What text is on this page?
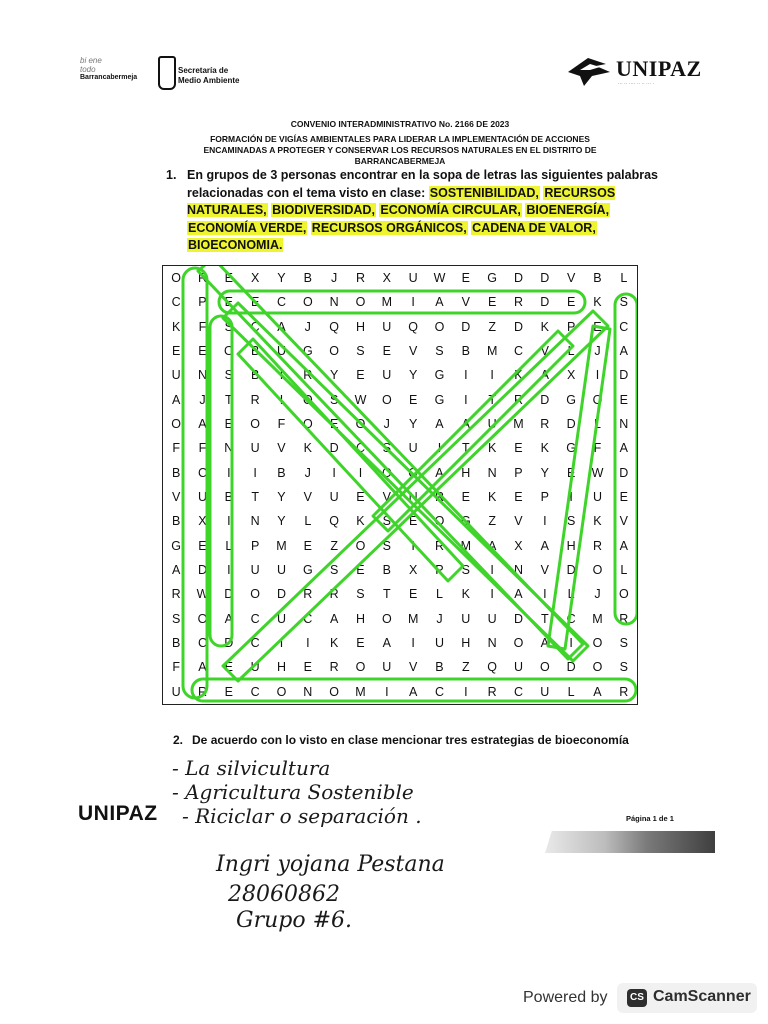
bi ene
todo
Barrancabermeja
Secretaría de
Medio Ambiente	UNIPAZ
··· ·· ···· ·· ·· ··· ·
CONVENIO INTERADMINISTRATIVO No. 2166 DE 2023
FORMACIÓN DE VIGÍAS AMBIENTALES PARA LIDERAR LA IMPLEMENTACIÓN DE ACCIONES
ENCAMINADAS A PROTEGER Y CONSERVAR LOS RECURSOS NATURALES EN EL DISTRITO DE
BARRANCABERMEJA
1. En grupos de 3 personas encontrar en la sopa de letras las siguientes palabras relacionadas con el tema visto en clase: SOSTENIBILIDAD, RECURSOS NATURALES, BIODIVERSIDAD, ECONOMÍA CIRCULAR, BIOENERGÍA, ECONOMÍA VERDE, RECURSOS ORGÁNICOS, CADENA DE VALOR, BIOECONOMIA.
O	R	E	X	Y	B	J	R	X	U	W	E	G	D	D	V	B	L
C	P	E	E	C	O	N	O	M	I	A	V	E	R	D	E	K	S
K	F	S	C	A	J	Q	H	U	Q	O	D	Z	D	K	P	E	C
E	E	O	B	U	G	O	S	E	V	S	B	M	C	V	L	J	A
U	N	S	B	I	R	Y	E	U	Y	G	I	I	K	A	X	I	D
A	J	T	R	I	O	S	W	O	E	G	I	T	R	D	G	O	E
O	A	E	O	F	O	E	O	J	Y	A	A	U	M	R	D	L	N
F	F	N	U	V	K	D	C	S	U	I	T	K	E	K	G	F	A
B	C	I	I	B	J	I	I	O	O	A	H	N	P	Y	E	W	D
V	U	B	T	Y	V	U	E	V	N	R	E	K	E	P	I	U	E
B	X	I	N	Y	L	Q	K	S	E	O	G	Z	V	I	S	K	V
G	E	L	P	M	E	Z	O	S	I	R	M	A	X	A	H	R	A
A	D	I	U	U	G	S	E	B	X	P	S	I	N	V	D	O	L
R	W	D	O	D	R	R	S	T	E	L	K	I	A	I	L	J	O
S	O	A	C	U	C	A	H	O	M	J	U	U	D	T	C	M	R
B	C	D	C	I	I	K	E	A	I	U	H	N	O	A	I	O	S
F	A	E	U	H	E	R	O	U	V	B	Z	Q	U	O	D	O	S
U	R	E	C	O	N	O	M	I	A	C	I	R	C	U	L	A	R
2. De acuerdo con lo visto en clase mencionar tres estrategias de bioeconomía
- La silvicultura
- Agricultura Sostenible
- Riciclar o separación .
UNIPAZ	Página 1 de 1
Ingri yojana Pestana
28060862
Grupo #6.
Powered by	CS CamScanner
